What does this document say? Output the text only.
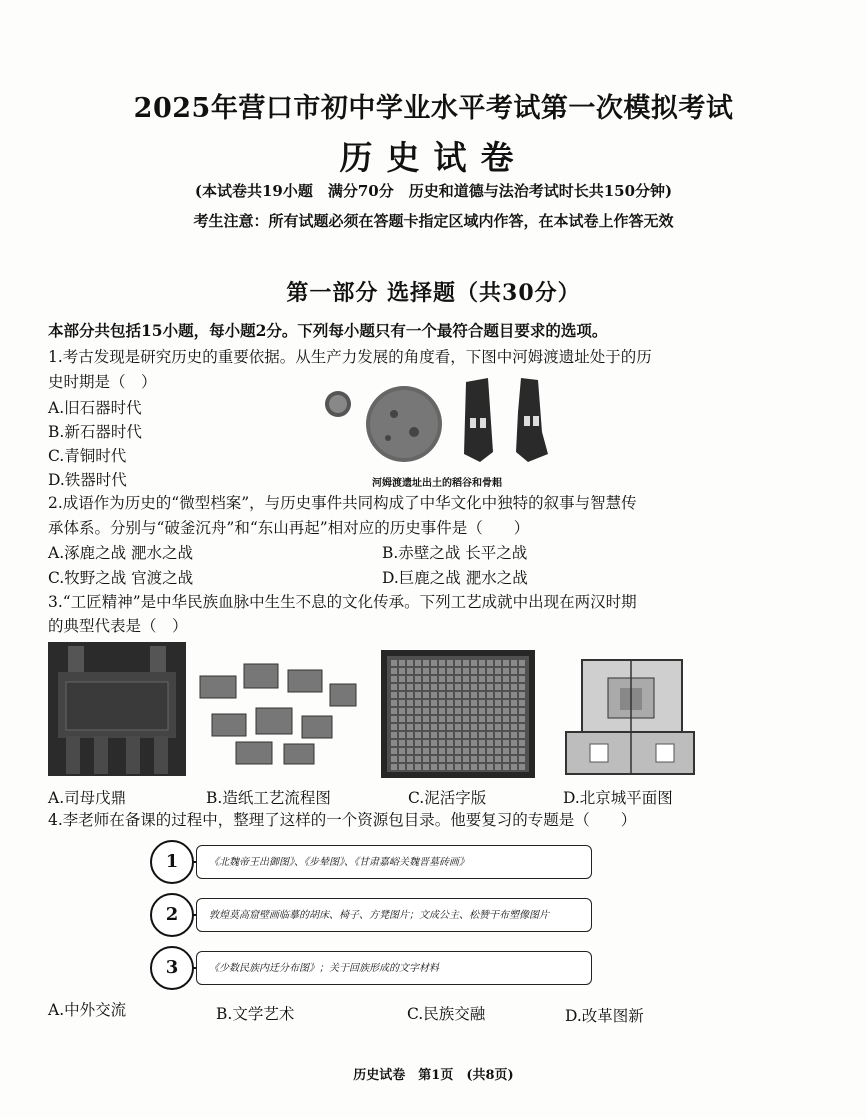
2025年营口市初中学业水平考试第一次模拟考试
历史试卷
(本试卷共19小题　满分70分　历史和道德与法治考试时长共150分钟)
考生注意：所有试题必须在答题卡指定区域内作答，在本试卷上作答无效
第一部分 选择题（共30分）
本部分共包括15小题，每小题2分。下列每小题只有一个最符合题目要求的选项。
1.考古发现是研究历史的重要依据。从生产力发展的角度看，下图中河姆渡遗址处于的历
史时期是（　）
A.旧石器时代
B.新石器时代
C.青铜时代
D.铁器时代	河姆渡遗址出土的稻谷和骨耜
2.成语作为历史的“微型档案”，与历史事件共同构成了中华文化中独特的叙事与智慧传
承体系。分别与“破釜沉舟”和“东山再起”相对应的历史事件是（　　）
A.涿鹿之战 淝水之战	B.赤壁之战 长平之战
C.牧野之战 官渡之战	D.巨鹿之战 淝水之战
3.“工匠精神”是中华民族血脉中生生不息的文化传承。下列工艺成就中出现在两汉时期
的典型代表是（　）
A.司母戊鼎	B.造纸工艺流程图	C.泥活字版	D.北京城平面图
4.李老师在备课的过程中，整理了这样的一个资源包目录。他要复习的专题是（　　）
《北魏帝王出御图》、《步辇图》、《甘肃嘉峪关魏晋墓砖画》
1
敦煌莫高窟壁画临摹的胡床、椅子、方凳图片；文成公主、松赞干布塑像图片
2
《少数民族内迁分布图》；关于回族形成的文字材料
3
A.中外交流	B.文学艺术	C.民族交融	D.改革图新
历史试卷　第1页　(共8页)
